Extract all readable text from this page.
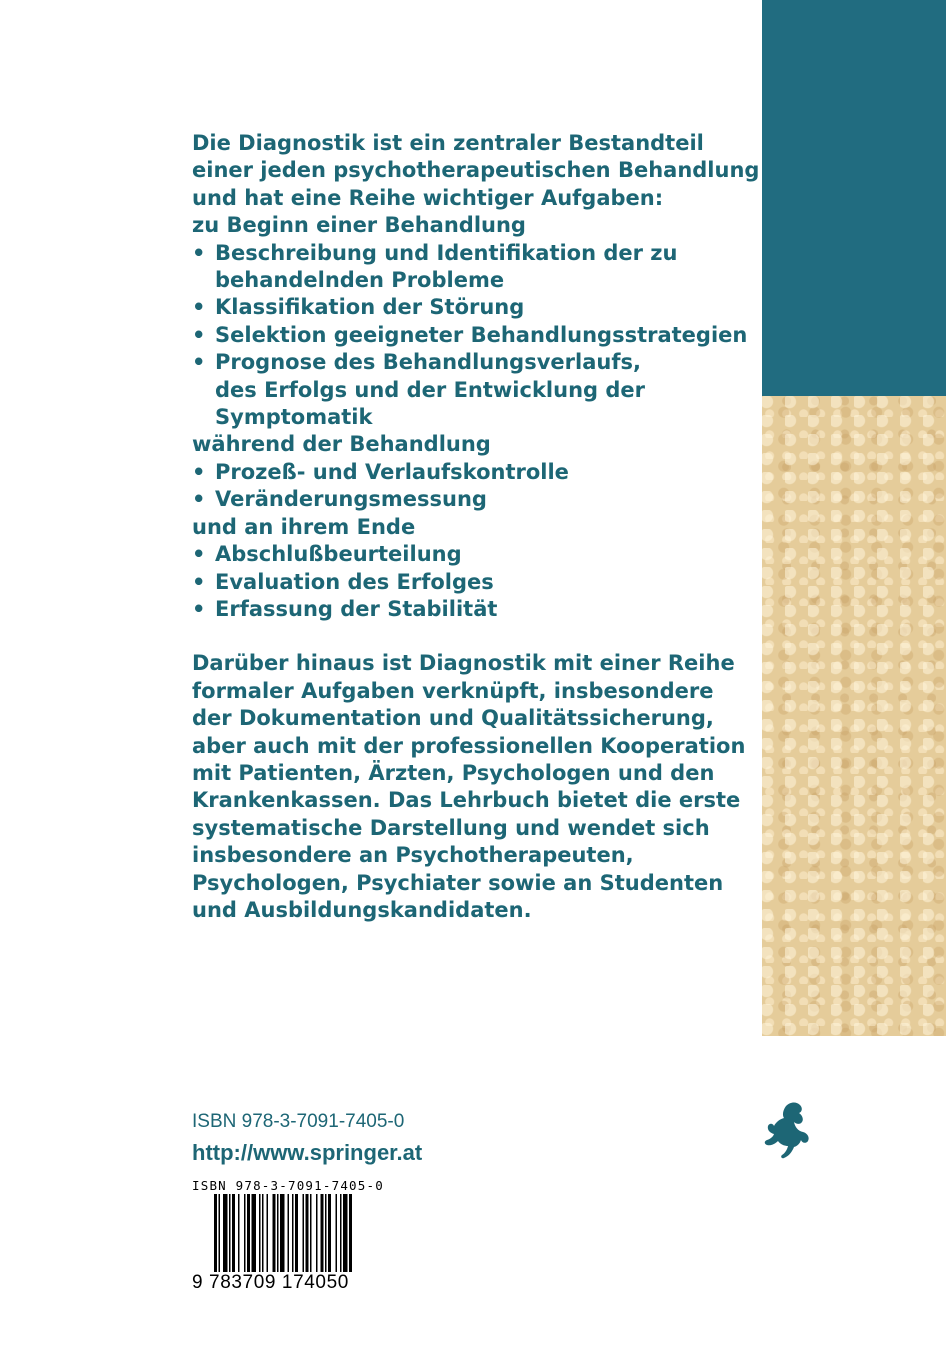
Die Diagnostik ist ein zentraler Bestandteil

einer jeden psychotherapeutischen Behandlung

und hat eine Reihe wichtiger Aufgaben:

zu Beginn einer Behandlung

• Beschreibung und Identifikation der zu

behandelnden Probleme

• Klassifikation der Störung

• Selektion geeigneter Behandlungsstrategien

• Prognose des Behandlungsverlaufs,

des Erfolgs und der Entwicklung der

Symptomatik

während der Behandlung

• Prozeß- und Verlaufskontrolle

• Veränderungsmessung

und an ihrem Ende

• Abschlußbeurteilung

• Evaluation des Erfolges

• Erfassung der Stabilität

Darüber hinaus ist Diagnostik mit einer Reihe

formaler Aufgaben verknüpft, insbesondere

der Dokumentation und Qualitätssicherung,

aber auch mit der professionellen Kooperation

mit Patienten, Ärzten, Psychologen und den

Krankenkassen. Das Lehrbuch bietet die erste

systematische Darstellung und wendet sich

insbesondere an Psychotherapeuten,

Psychologen, Psychiater sowie an Studenten

und Ausbildungskandidaten.

ISBN 978-3-7091-7405-0
http://www.springer.at
ISBN 978-3-7091-7405-0
9 783709 174050
